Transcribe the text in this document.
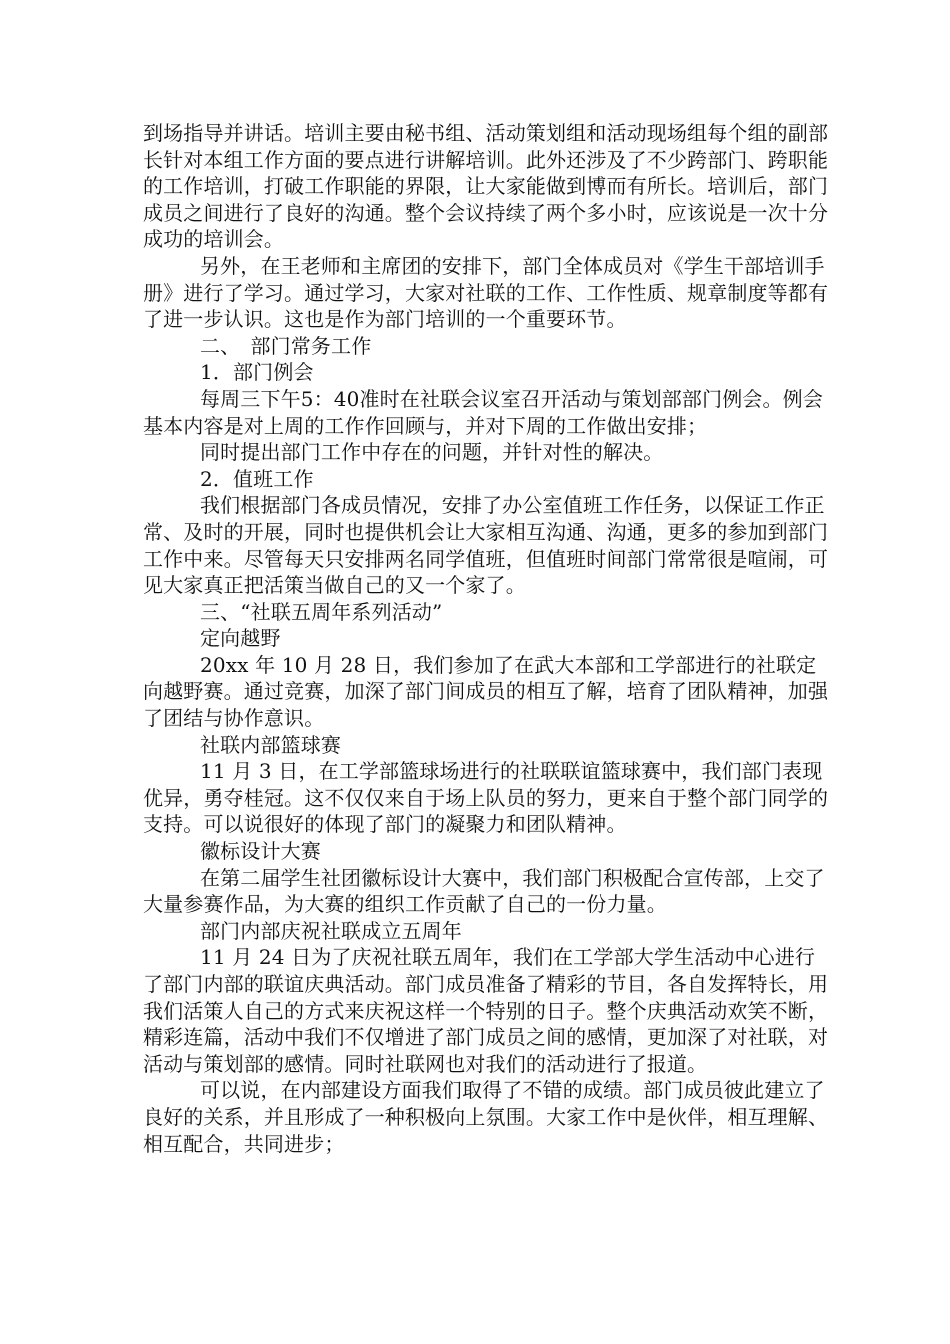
到场指导并讲话。培训主要由秘书组、活动策划组和活动现场组每个组的副部长针对本组工作方面的要点进行讲解培训。此外还涉及了不少跨部门、跨职能的工作培训，打破工作职能的界限，让大家能做到博而有所长。培训后，部门成员之间进行了良好的沟通。整个会议持续了两个多小时，应该说是一次十分成功的培训会。

另外，在王老师和主席团的安排下，部门全体成员对《学生干部培训手册》进行了学习。通过学习，大家对社联的工作、工作性质、规章制度等都有了进一步认识。这也是作为部门培训的一个重要环节。

二、　部门常务工作

1．部门例会

每周三下午5：40准时在社联会议室召开活动与策划部部门例会。例会基本内容是对上周的工作作回顾与，并对下周的工作做出安排；

同时提出部门工作中存在的问题，并针对性的解决。

2．值班工作

我们根据部门各成员情况，安排了办公室值班工作任务，以保证工作正常、及时的开展，同时也提供机会让大家相互沟通、沟通，更多的参加到部门工作中来。尽管每天只安排两名同学值班，但值班时间部门常常很是喧闹，可见大家真正把活策当做自己的又一个家了。

三、“社联五周年系列活动”

定向越野

20xx 年 10 月 28 日，我们参加了在武大本部和工学部进行的社联定向越野赛。通过竞赛，加深了部门间成员的相互了解，培育了团队精神，加强了团结与协作意识。

社联内部篮球赛

11 月 3 日，在工学部篮球场进行的社联联谊篮球赛中，我们部门表现优异，勇夺桂冠。这不仅仅来自于场上队员的努力，更来自于整个部门同学的支持。可以说很好的体现了部门的凝聚力和团队精神。

徽标设计大赛

在第二届学生社团徽标设计大赛中，我们部门积极配合宣传部，上交了大量参赛作品，为大赛的组织工作贡献了自己的一份力量。

部门内部庆祝社联成立五周年

11 月 24 日为了庆祝社联五周年，我们在工学部大学生活动中心进行了部门内部的联谊庆典活动。部门成员准备了精彩的节目，各自发挥特长，用我们活策人自己的方式来庆祝这样一个特别的日子。整个庆典活动欢笑不断，精彩连篇，活动中我们不仅增进了部门成员之间的感情，更加深了对社联，对活动与策划部的感情。同时社联网也对我们的活动进行了报道。

可以说，在内部建设方面我们取得了不错的成绩。部门成员彼此建立了良好的关系，并且形成了一种积极向上氛围。大家工作中是伙伴，相互理解、相互配合，共同进步；
